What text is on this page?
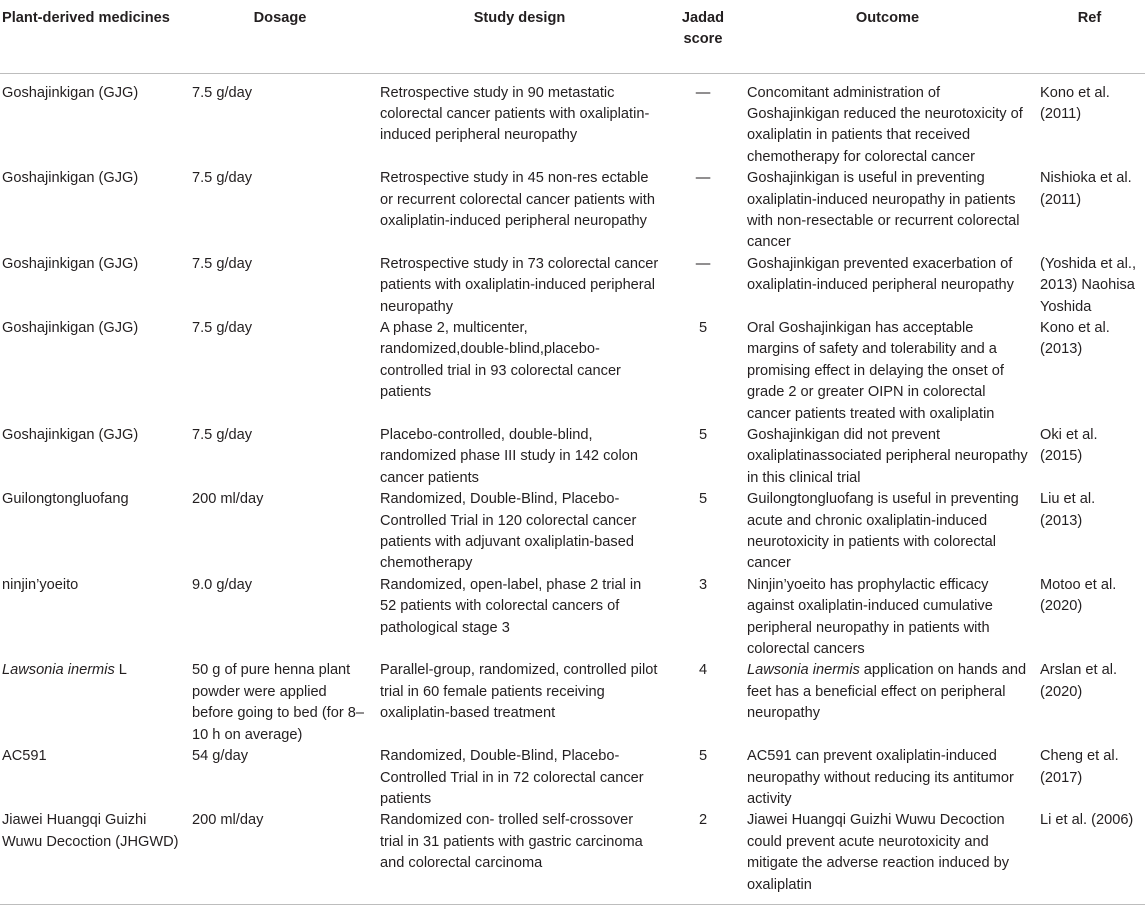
Plant-derived medicines	Dosage	Study design	Jadad score	Outcome	Ref
Goshajinkigan (GJG)	7.5 g/day	Retrospective study in 90 metastatic colorectal cancer patients with oxaliplatin-induced peripheral neuropathy	—	Concomitant administration of Goshajinkigan reduced the neurotoxicity of oxaliplatin in patients that received chemotherapy for colorectal cancer	Kono et al. (2011)
Goshajinkigan (GJG)	7.5 g/day	Retrospective study in 45 non-res ectable or recurrent colorectal cancer patients with oxaliplatin-induced peripheral neuropathy	—	Goshajinkigan is useful in preventing oxaliplatin-induced neuropathy in patients with non-resectable or recurrent colorectal cancer	Nishioka et al. (2011)
Goshajinkigan (GJG)	7.5 g/day	Retrospective study in 73 colorectal cancer patients with oxaliplatin-induced peripheral neuropathy	—	Goshajinkigan prevented exacerbation of oxaliplatin-induced peripheral neuropathy	(Yoshida et al., 2013) Naohisa Yoshida
Goshajinkigan (GJG)	7.5 g/day	A phase 2, multicenter, randomized,double-blind,placebo-controlled trial in 93 colorectal cancer patients	5	Oral Goshajinkigan has acceptable margins of safety and tolerability and a promising effect in delaying the onset of grade 2 or greater OIPN in colorectal cancer patients treated with oxaliplatin	Kono et al. (2013)
Goshajinkigan (GJG)	7.5 g/day	Placebo-controlled, double-blind, randomized phase III study in 142 colon cancer patients	5	Goshajinkigan did not prevent oxaliplatinassociated peripheral neuropathy in this clinical trial	Oki et al. (2015)
Guilongtongluofang	200 ml/day	Randomized, Double-Blind, Placebo-Controlled Trial in 120 colorectal cancer patients with adjuvant oxaliplatin-based chemotherapy	5	Guilongtongluofang is useful in preventing acute and chronic oxaliplatin-induced neurotoxicity in patients with colorectal cancer	Liu et al. (2013)
ninjin’yoeito	9.0 g/day	Randomized, open-label, phase 2 trial in 52 patients with colorectal cancers of pathological stage 3	3	Ninjin’yoeito has prophylactic efficacy against oxaliplatin-induced cumulative peripheral neuropathy in patients with colorectal cancers	Motoo et al. (2020)
Lawsonia inermis L	50 g of pure henna plant powder were applied before going to bed (for 8–10 h on average)	Parallel-group, randomized, controlled pilot trial in 60 female patients receiving oxaliplatin-based treatment	4	Lawsonia inermis application on hands and feet has a beneficial effect on peripheral neuropathy	Arslan et al. (2020)
AC591	54 g/day	Randomized, Double-Blind, Placebo-Controlled Trial in in 72 colorectal cancer patients	5	AC591 can prevent oxaliplatin-induced neuropathy without reducing its antitumor activity	Cheng et al. (2017)
Jiawei Huangqi Guizhi Wuwu Decoction (JHGWD)	200 ml/day	Randomized con- trolled self-crossover trial in 31 patients with gastric carcinoma and colorectal carcinoma	2	Jiawei Huangqi Guizhi Wuwu Decoction could prevent acute neurotoxicity and mitigate the adverse reaction induced by oxaliplatin	Li et al. (2006)
